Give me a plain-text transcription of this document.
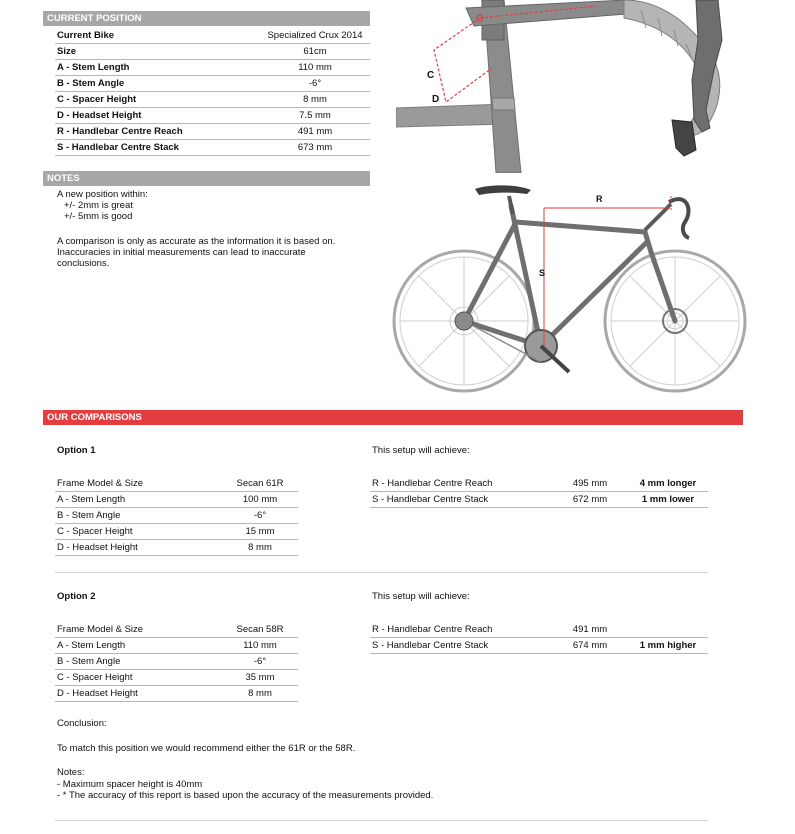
CURRENT POSITION
Current Bike	Specialized Crux 2014
Size	61cm
A - Stem Length	110 mm
B - Stem Angle	-6°
C - Spacer Height	8 mm
D - Headset Height	7.5 mm
R - Handlebar Centre Reach	491 mm
S - Handlebar Centre Stack	673 mm
NOTES
A new position within:
+/- 2mm is great
+/- 5mm is good
A comparison is only as accurate as the information it is based on.
Inaccuracies in initial measurements can lead to inaccurate
conclusions.
C
D
R
S
OUR COMPARISONS
Option 1	This setup will achieve:
Frame Model & Size	Secan 61R
A - Stem Length	100 mm
B - Stem Angle	-6°
C - Spacer Height	15 mm
D - Headset Height	8 mm
R - Handlebar Centre Reach	495 mm	4 mm longer
S - Handlebar Centre Stack	672 mm	1 mm lower
Option 2	This setup will achieve:
Frame Model & Size	Secan 58R
A - Stem Length	110 mm
B - Stem Angle	-6°
C - Spacer Height	35 mm
D - Headset Height	8 mm
R - Handlebar Centre Reach	491 mm
S - Handlebar Centre Stack	674 mm	1 mm higher
Conclusion:
To match this position we would recommend either the 61R or the 58R.
Notes:
- Maximum spacer height is 40mm
- * The accuracy of this report is based upon the accuracy of the measurements provided.
